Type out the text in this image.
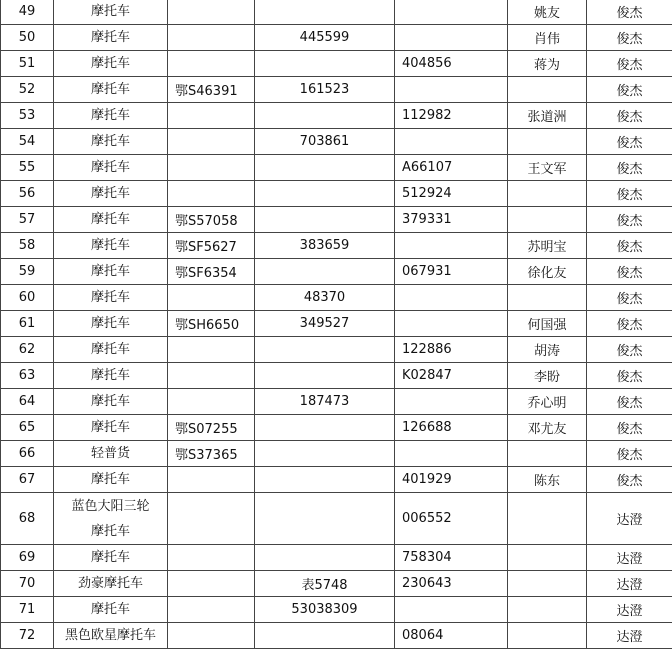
49	摩托车				姚友	俊杰
50	摩托车		445599		肖伟	俊杰
51	摩托车			404856	蒋为	俊杰
52	摩托车	鄂S46391	161523			俊杰
53	摩托车			112982	张道洲	俊杰
54	摩托车		703861			俊杰
55	摩托车			A66107	王文军	俊杰
56	摩托车			512924		俊杰
57	摩托车	鄂S57058		379331		俊杰
58	摩托车	鄂SF5627	383659		苏明宝	俊杰
59	摩托车	鄂SF6354		067931	徐化友	俊杰
60	摩托车		48370			俊杰
61	摩托车	鄂SH6650	349527		何国强	俊杰
62	摩托车			122886	胡涛	俊杰
63	摩托车			K02847	李盼	俊杰
64	摩托车		187473		乔心明	俊杰
65	摩托车	鄂S07255		126688	邓尤友	俊杰
66	轻普货	鄂S37365				俊杰
67	摩托车			401929	陈东	俊杰
68	蓝色大阳三轮
摩托车			006552		达澄
69	摩托车			758304		达澄
70	劲豪摩托车		表5748	230643		达澄
71	摩托车		53038309			达澄
72	黑色欧星摩托车			08064		达澄
